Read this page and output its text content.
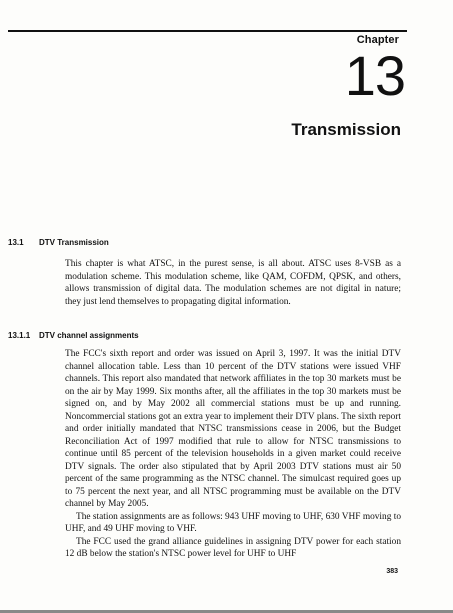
Chapter
13
Transmission
13.1 DTV Transmission

This chapter is what ATSC, in the purest sense, is all about. ATSC uses 8-VSB as a modulation scheme. This modulation scheme, like QAM, COFDM, QPSK, and others, allows transmission of digital data. The modulation schemes are not digital in nature; they just lend themselves to propagating digital information.

13.1.1 DTV channel assignments

The FCC's sixth report and order was issued on April 3, 1997. It was the initial DTV channel allocation table. Less than 10 percent of the DTV stations were issued VHF channels. This report also mandated that network affiliates in the top 30 markets must be on the air by May 1999. Six months after, all the affiliates in the top 30 markets must be signed on, and by May 2002 all commercial stations must be up and running. Noncommercial stations got an extra year to implement their DTV plans. The sixth report and order initially mandated that NTSC transmissions cease in 2006, but the Budget Reconciliation Act of 1997 modified that rule to allow for NTSC transmissions to continue until 85 percent of the television households in a given market could receive DTV signals. The order also stipulated that by April 2003 DTV stations must air 50 percent of the same programming as the NTSC channel. The simulcast required goes up to 75 percent the next year, and all NTSC programming must be available on the DTV channel by May 2005.

The station assignments are as follows: 943 UHF moving to UHF, 630 VHF moving to UHF, and 49 UHF moving to VHF.

The FCC used the grand alliance guidelines in assigning DTV power for each station 12 dB below the station's NTSC power level for UHF to UHF

383
